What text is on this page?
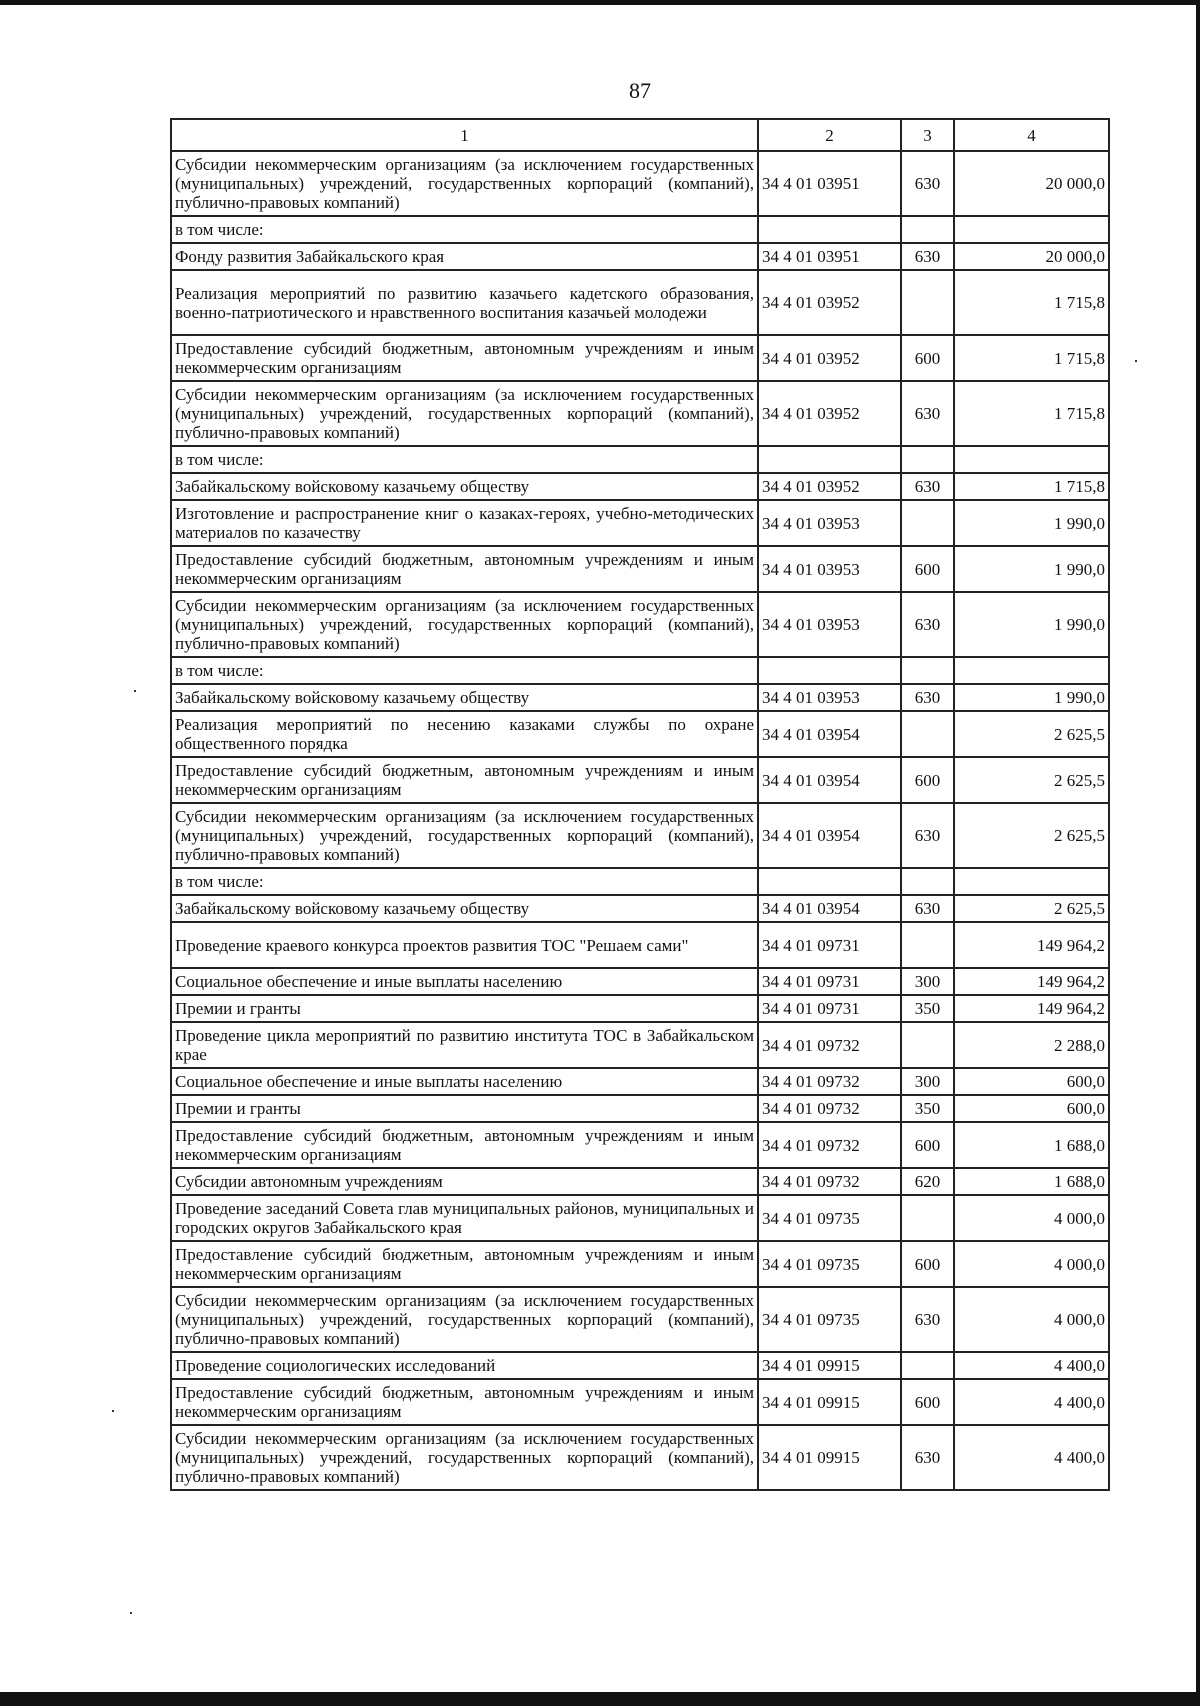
87
1	2	3	4
Субсидии некоммерческим организациям (за исключением государственных (муниципальных) учреждений, государственных корпораций (компаний), публично-правовых компаний)	34 4 01 03951	630	20 000,0
в том числе:			
Фонду развития Забайкальского края	34 4 01 03951	630	20 000,0
Реализация мероприятий по развитию казачьего кадетского образования, военно-патриотического и нравственного воспитания казачьей молодежи	34 4 01 03952		1 715,8
Предоставление субсидий бюджетным, автономным учреждениям и иным некоммерческим организациям	34 4 01 03952	600	1 715,8
Субсидии некоммерческим организациям (за исключением государственных (муниципальных) учреждений, государственных корпораций (компаний), публично-правовых компаний)	34 4 01 03952	630	1 715,8
в том числе:			
Забайкальскому войсковому казачьему обществу	34 4 01 03952	630	1 715,8
Изготовление и распространение книг о казаках-героях, учебно-методических материалов по казачеству	34 4 01 03953		1 990,0
Предоставление субсидий бюджетным, автономным учреждениям и иным некоммерческим организациям	34 4 01 03953	600	1 990,0
Субсидии некоммерческим организациям (за исключением государственных (муниципальных) учреждений, государственных корпораций (компаний), публично-правовых компаний)	34 4 01 03953	630	1 990,0
в том числе:			
Забайкальскому войсковому казачьему обществу	34 4 01 03953	630	1 990,0
Реализация мероприятий по несению казаками службы по охране общественного порядка	34 4 01 03954		2 625,5
Предоставление субсидий бюджетным, автономным учреждениям и иным некоммерческим организациям	34 4 01 03954	600	2 625,5
Субсидии некоммерческим организациям (за исключением государственных (муниципальных) учреждений, государственных корпораций (компаний), публично-правовых компаний)	34 4 01 03954	630	2 625,5
в том числе:			
Забайкальскому войсковому казачьему обществу	34 4 01 03954	630	2 625,5
Проведение краевого конкурса проектов развития ТОС "Решаем сами"	34 4 01 09731		149 964,2
Социальное обеспечение и иные выплаты населению	34 4 01 09731	300	149 964,2
Премии и гранты	34 4 01 09731	350	149 964,2
Проведение цикла мероприятий по развитию института ТОС в Забайкальском крае	34 4 01 09732		2 288,0
Социальное обеспечение и иные выплаты населению	34 4 01 09732	300	600,0
Премии и гранты	34 4 01 09732	350	600,0
Предоставление субсидий бюджетным, автономным учреждениям и иным некоммерческим организациям	34 4 01 09732	600	1 688,0
Субсидии автономным учреждениям	34 4 01 09732	620	1 688,0
Проведение заседаний Совета глав муниципальных районов, муниципальных и городских округов Забайкальского края	34 4 01 09735		4 000,0
Предоставление субсидий бюджетным, автономным учреждениям и иным некоммерческим организациям	34 4 01 09735	600	4 000,0
Субсидии некоммерческим организациям (за исключением государственных (муниципальных) учреждений, государственных корпораций (компаний), публично-правовых компаний)	34 4 01 09735	630	4 000,0
Проведение социологических исследований	34 4 01 09915		4 400,0
Предоставление субсидий бюджетным, автономным учреждениям и иным некоммерческим организациям	34 4 01 09915	600	4 400,0
Субсидии некоммерческим организациям (за исключением государственных (муниципальных) учреждений, государственных корпораций (компаний), публично-правовых компаний)	34 4 01 09915	630	4 400,0
